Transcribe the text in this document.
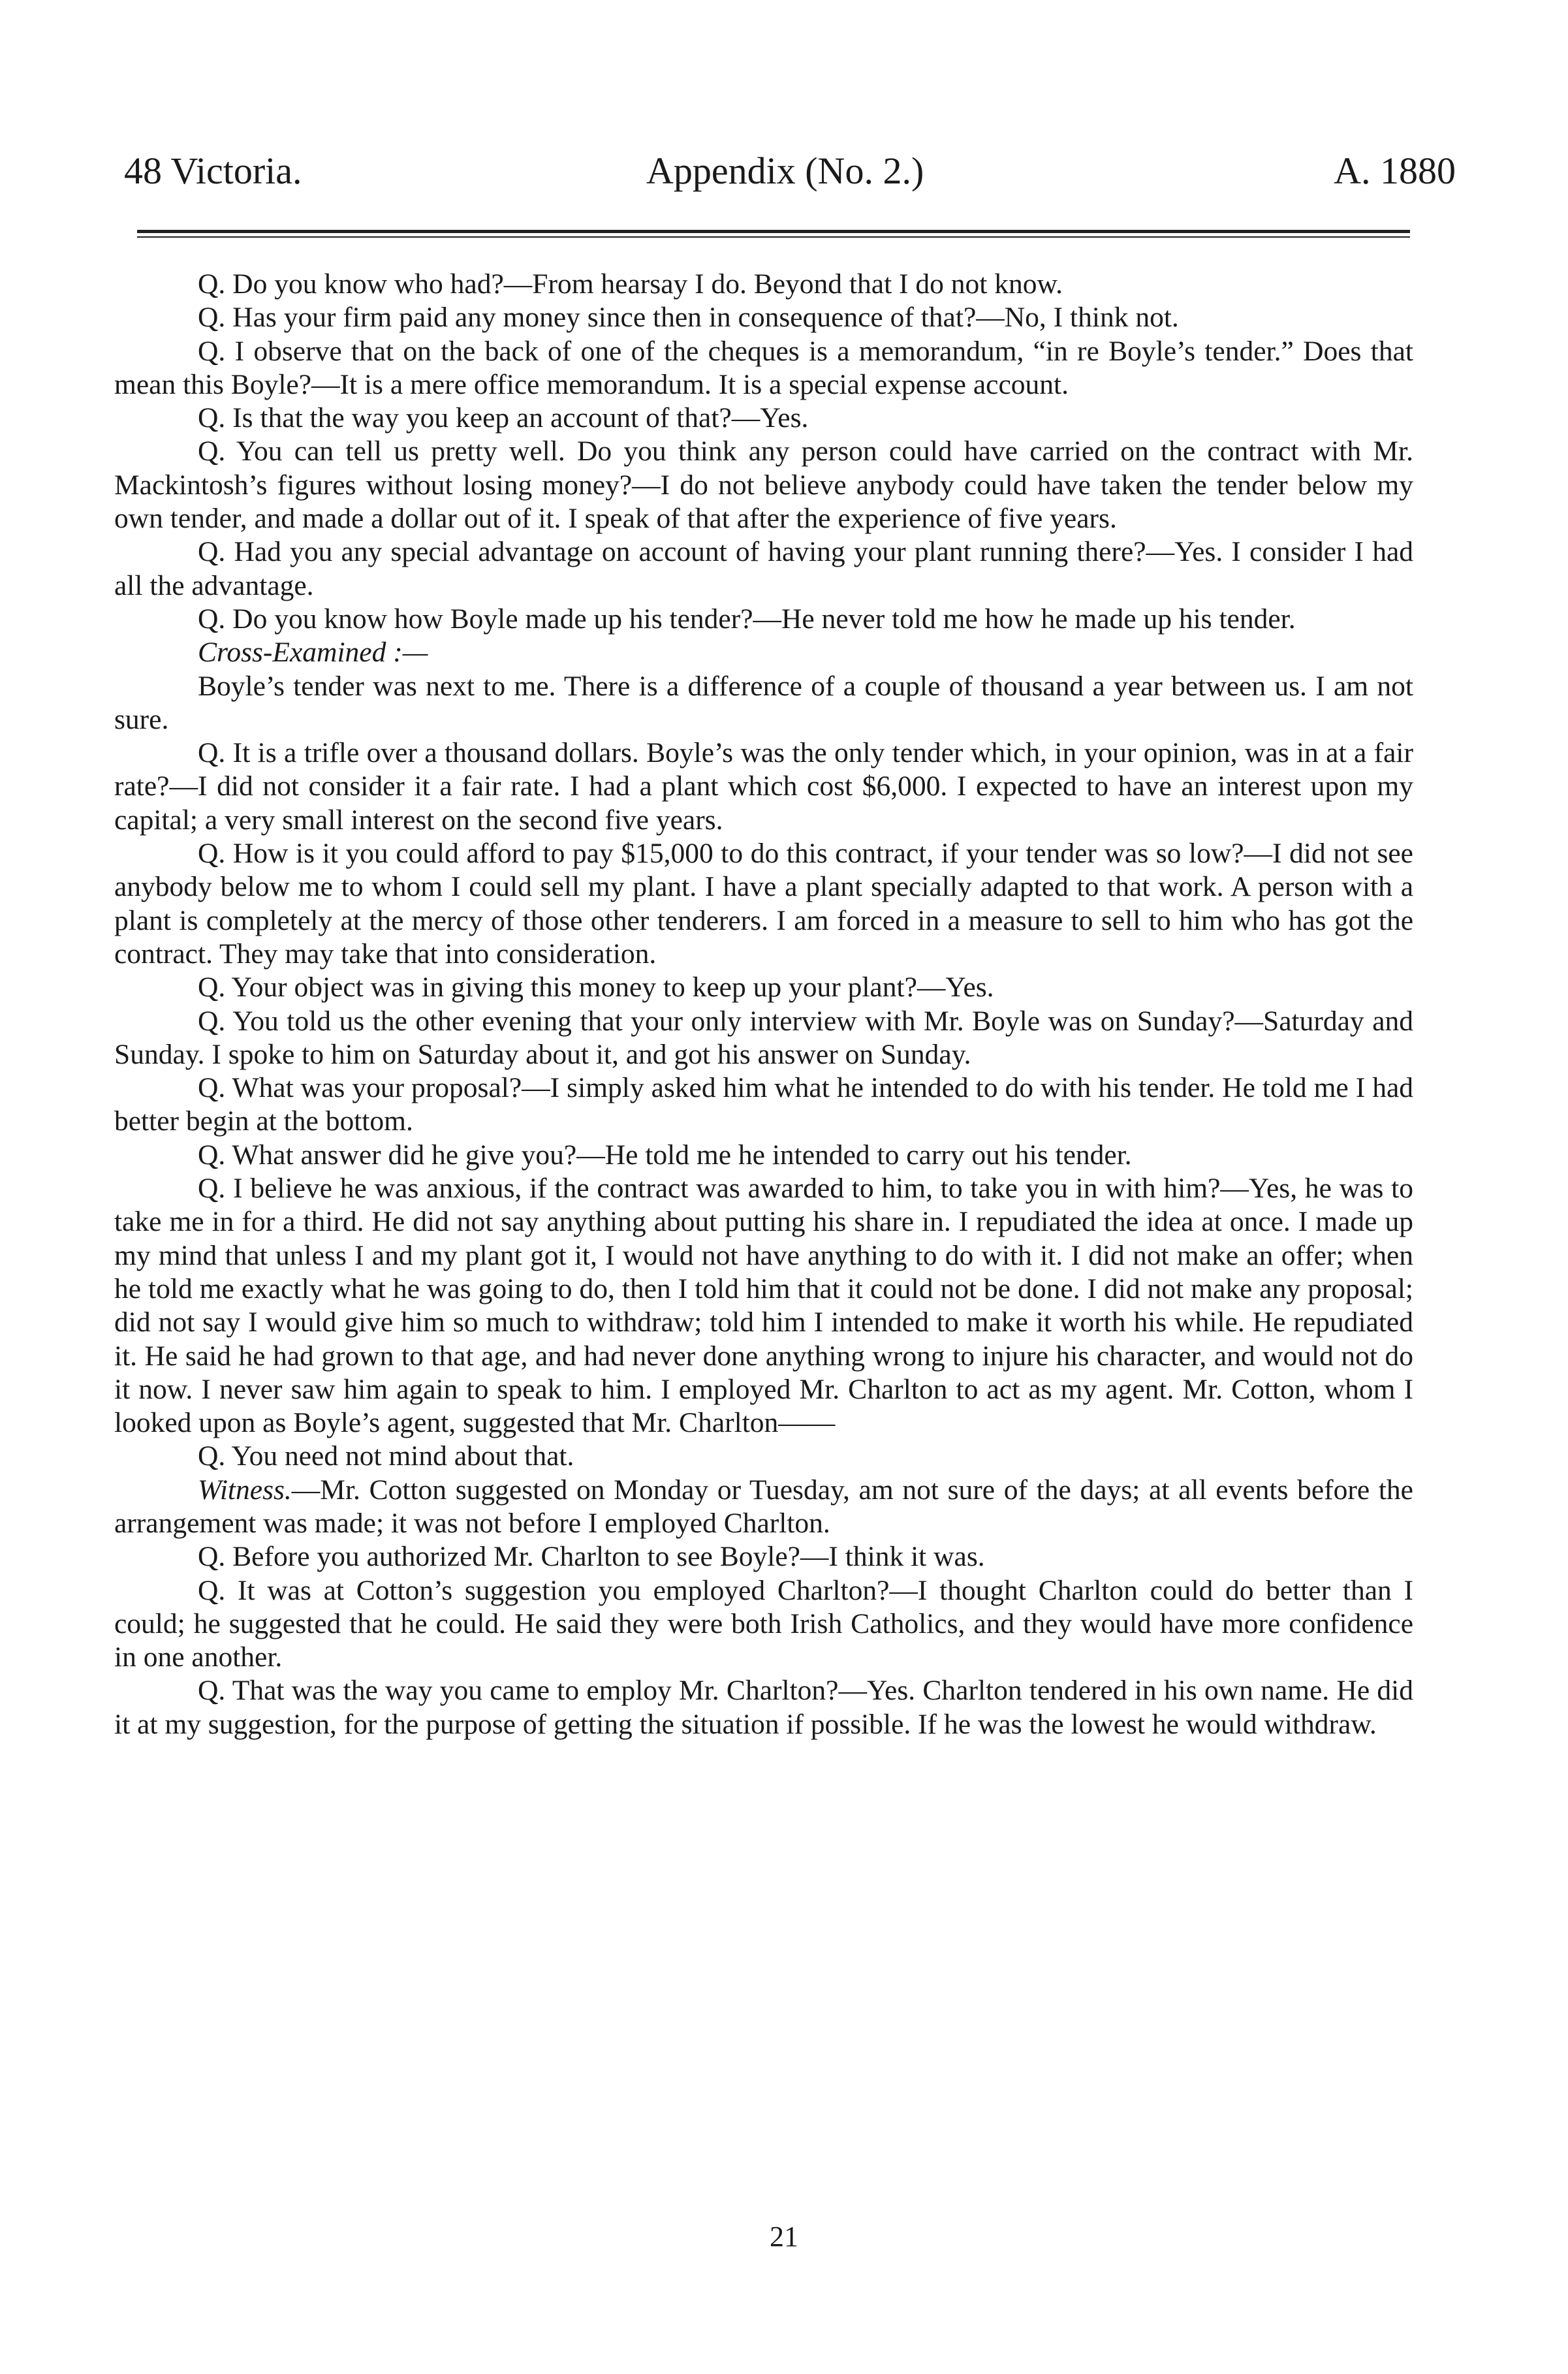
48 Victoria.	Appendix (No. 2.)	A. 1880

Q. Do you know who had?—From hearsay I do. Beyond that I do not know.

Q. Has your firm paid any money since then in consequence of that?—No, I think not.

Q. I observe that on the back of one of the cheques is a memorandum, “in re Boyle’s tender.” Does that mean this Boyle?—It is a mere office memorandum. It is a special expense account.

Q. Is that the way you keep an account of that?—Yes.

Q. You can tell us pretty well. Do you think any person could have carried on the contract with Mr. Mackintosh’s figures without losing money?—I do not believe anybody could have taken the tender below my own tender, and made a dollar out of it. I speak of that after the experience of five years.

Q. Had you any special advantage on account of having your plant running there?—Yes. I consider I had all the advantage.

Q. Do you know how Boyle made up his tender?—He never told me how he made up his tender.

Cross-Examined :—

Boyle’s tender was next to me. There is a difference of a couple of thousand a year between us. I am not sure.

Q. It is a trifle over a thousand dollars. Boyle’s was the only tender which, in your opinion, was in at a fair rate?—I did not consider it a fair rate. I had a plant which cost $6,000. I expected to have an interest upon my capital; a very small interest on the second five years.

Q. How is it you could afford to pay $15,000 to do this contract, if your tender was so low?—I did not see anybody below me to whom I could sell my plant. I have a plant specially adapted to that work. A person with a plant is completely at the mercy of those other tenderers. I am forced in a measure to sell to him who has got the contract. They may take that into consideration.

Q. Your object was in giving this money to keep up your plant?—Yes.

Q. You told us the other evening that your only interview with Mr. Boyle was on Sunday?—Saturday and Sunday. I spoke to him on Saturday about it, and got his answer on Sunday.

Q. What was your proposal?—I simply asked him what he intended to do with his tender. He told me I had better begin at the bottom.

Q. What answer did he give you?—He told me he intended to carry out his tender.

Q. I believe he was anxious, if the contract was awarded to him, to take you in with him?—Yes, he was to take me in for a third. He did not say anything about putting his share in. I repudiated the idea at once. I made up my mind that unless I and my plant got it, I would not have anything to do with it. I did not make an offer; when he told me exactly what he was going to do, then I told him that it could not be done. I did not make any proposal; did not say I would give him so much to withdraw; told him I intended to make it worth his while. He repudiated it. He said he had grown to that age, and had never done anything wrong to injure his character, and would not do it now. I never saw him again to speak to him. I employed Mr. Charlton to act as my agent. Mr. Cotton, whom I looked upon as Boyle’s agent, suggested that Mr. Charlton——

Q. You need not mind about that.

Witness.—Mr. Cotton suggested on Monday or Tuesday, am not sure of the days; at all events before the arrangement was made; it was not before I employed Charlton.

Q. Before you authorized Mr. Charlton to see Boyle?—I think it was.

Q. It was at Cotton’s suggestion you employed Charlton?—I thought Charlton could do better than I could; he suggested that he could. He said they were both Irish Catholics, and they would have more confidence in one another.

Q. That was the way you came to employ Mr. Charlton?—Yes. Charlton tendered in his own name. He did it at my suggestion, for the purpose of getting the situation if possible. If he was the lowest he would withdraw.

21
